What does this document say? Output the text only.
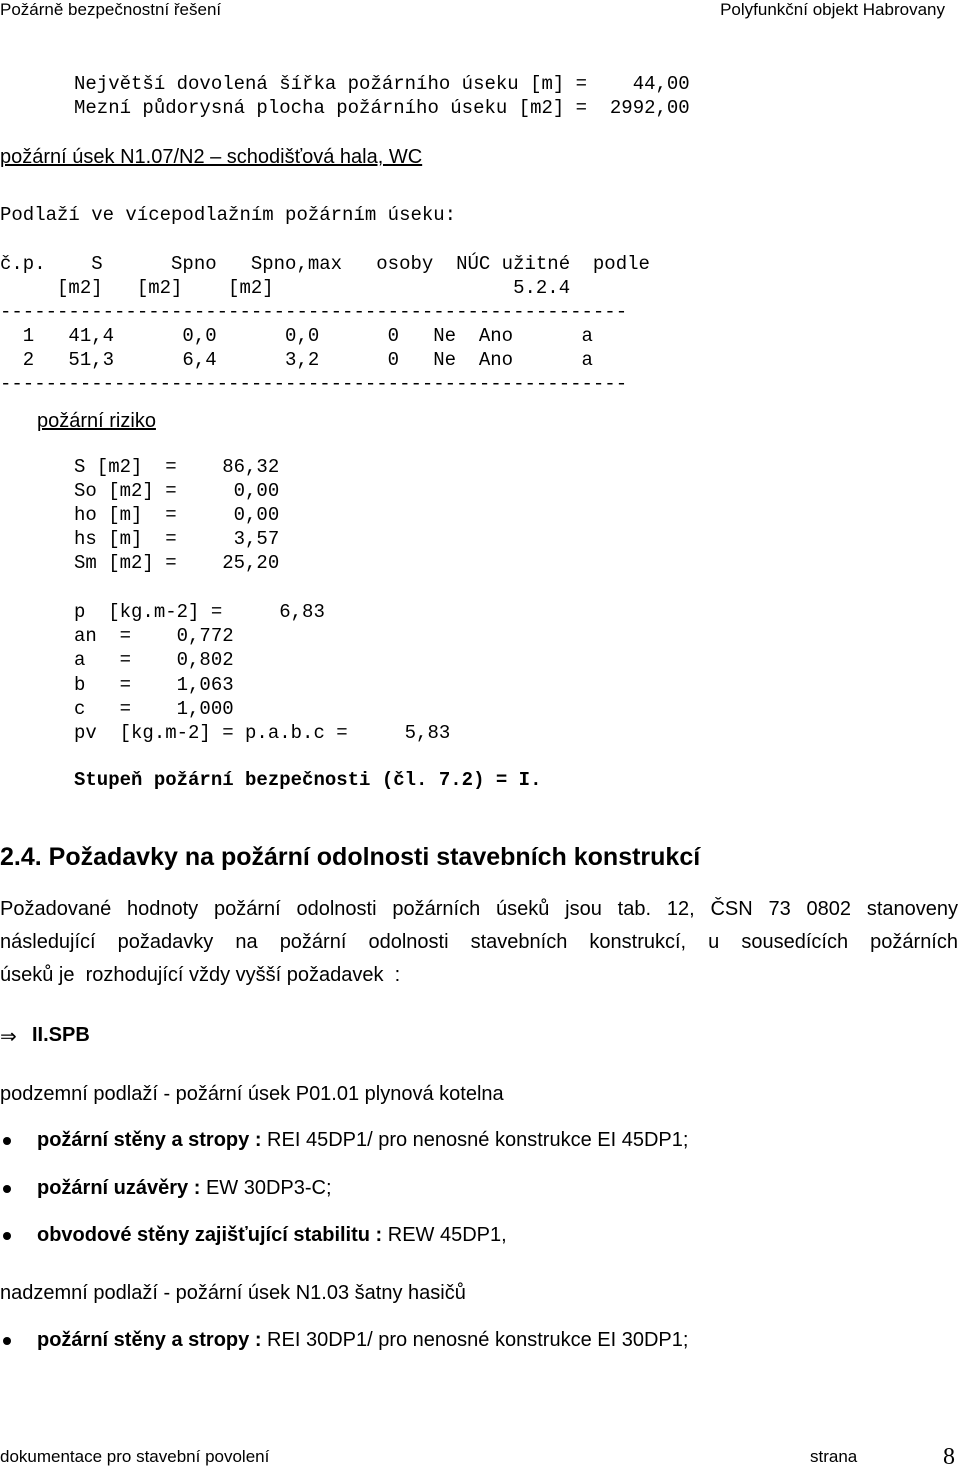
Požárně bezpečnostní řešení	Polyfunkční objekt Habrovany
Největší dovolená šířka požárního úseku [m] =    44,00
Mezní půdorysná plocha požárního úseku [m2] =  2992,00
požární úsek N1.07/N2 – schodišťová hala, WC
Podlaží ve vícepodlažním požárním úseku:
č.p.    S      Spno   Spno,max   osoby  NÚC užitné  podle
[m2]   [m2]    [m2]                     5.2.4
-------------------------------------------------------
1   41,4      0,0      0,0      0   Ne  Ano      a
2   51,3      6,4      3,2      0   Ne  Ano      a
-------------------------------------------------------
požární riziko
S [m2]  =    86,32
So [m2] =     0,00
ho [m]  =     0,00
hs [m]  =     3,57
Sm [m2] =    25,20
p  [kg.m-2] =     6,83
an  =    0,772
a   =    0,802
b   =    1,063
c   =    1,000
pv  [kg.m-2] = p.a.b.c =     5,83
Stupeň požární bezpečnosti (čl. 7.2) = I.
2.4. Požadavky na požární odolnosti stavebních konstrukcí
Požadované hodnoty požární odolnosti požárních úseků jsou tab. 12, ČSN 73 0802 stanoveny
následující požadavky na požární odolnosti stavebních konstrukcí, u sousedících požárních
úseků je  rozhodující vždy vyšší požadavek  :
⇒ II.SPB
podzemní podlaží - požární úsek P01.01 plynová kotelna
požární stěny a stropy : REI 45DP1/ pro nenosné konstrukce EI 45DP1;
požární uzávěry : EW 30DP3-C;
obvodové stěny zajišťující stabilitu : REW 45DP1,
nadzemní podlaží - požární úsek N1.03 šatny hasičů
požární stěny a stropy : REI 30DP1/ pro nenosné konstrukce EI 30DP1;
dokumentace pro stavební povolení	strana	8
